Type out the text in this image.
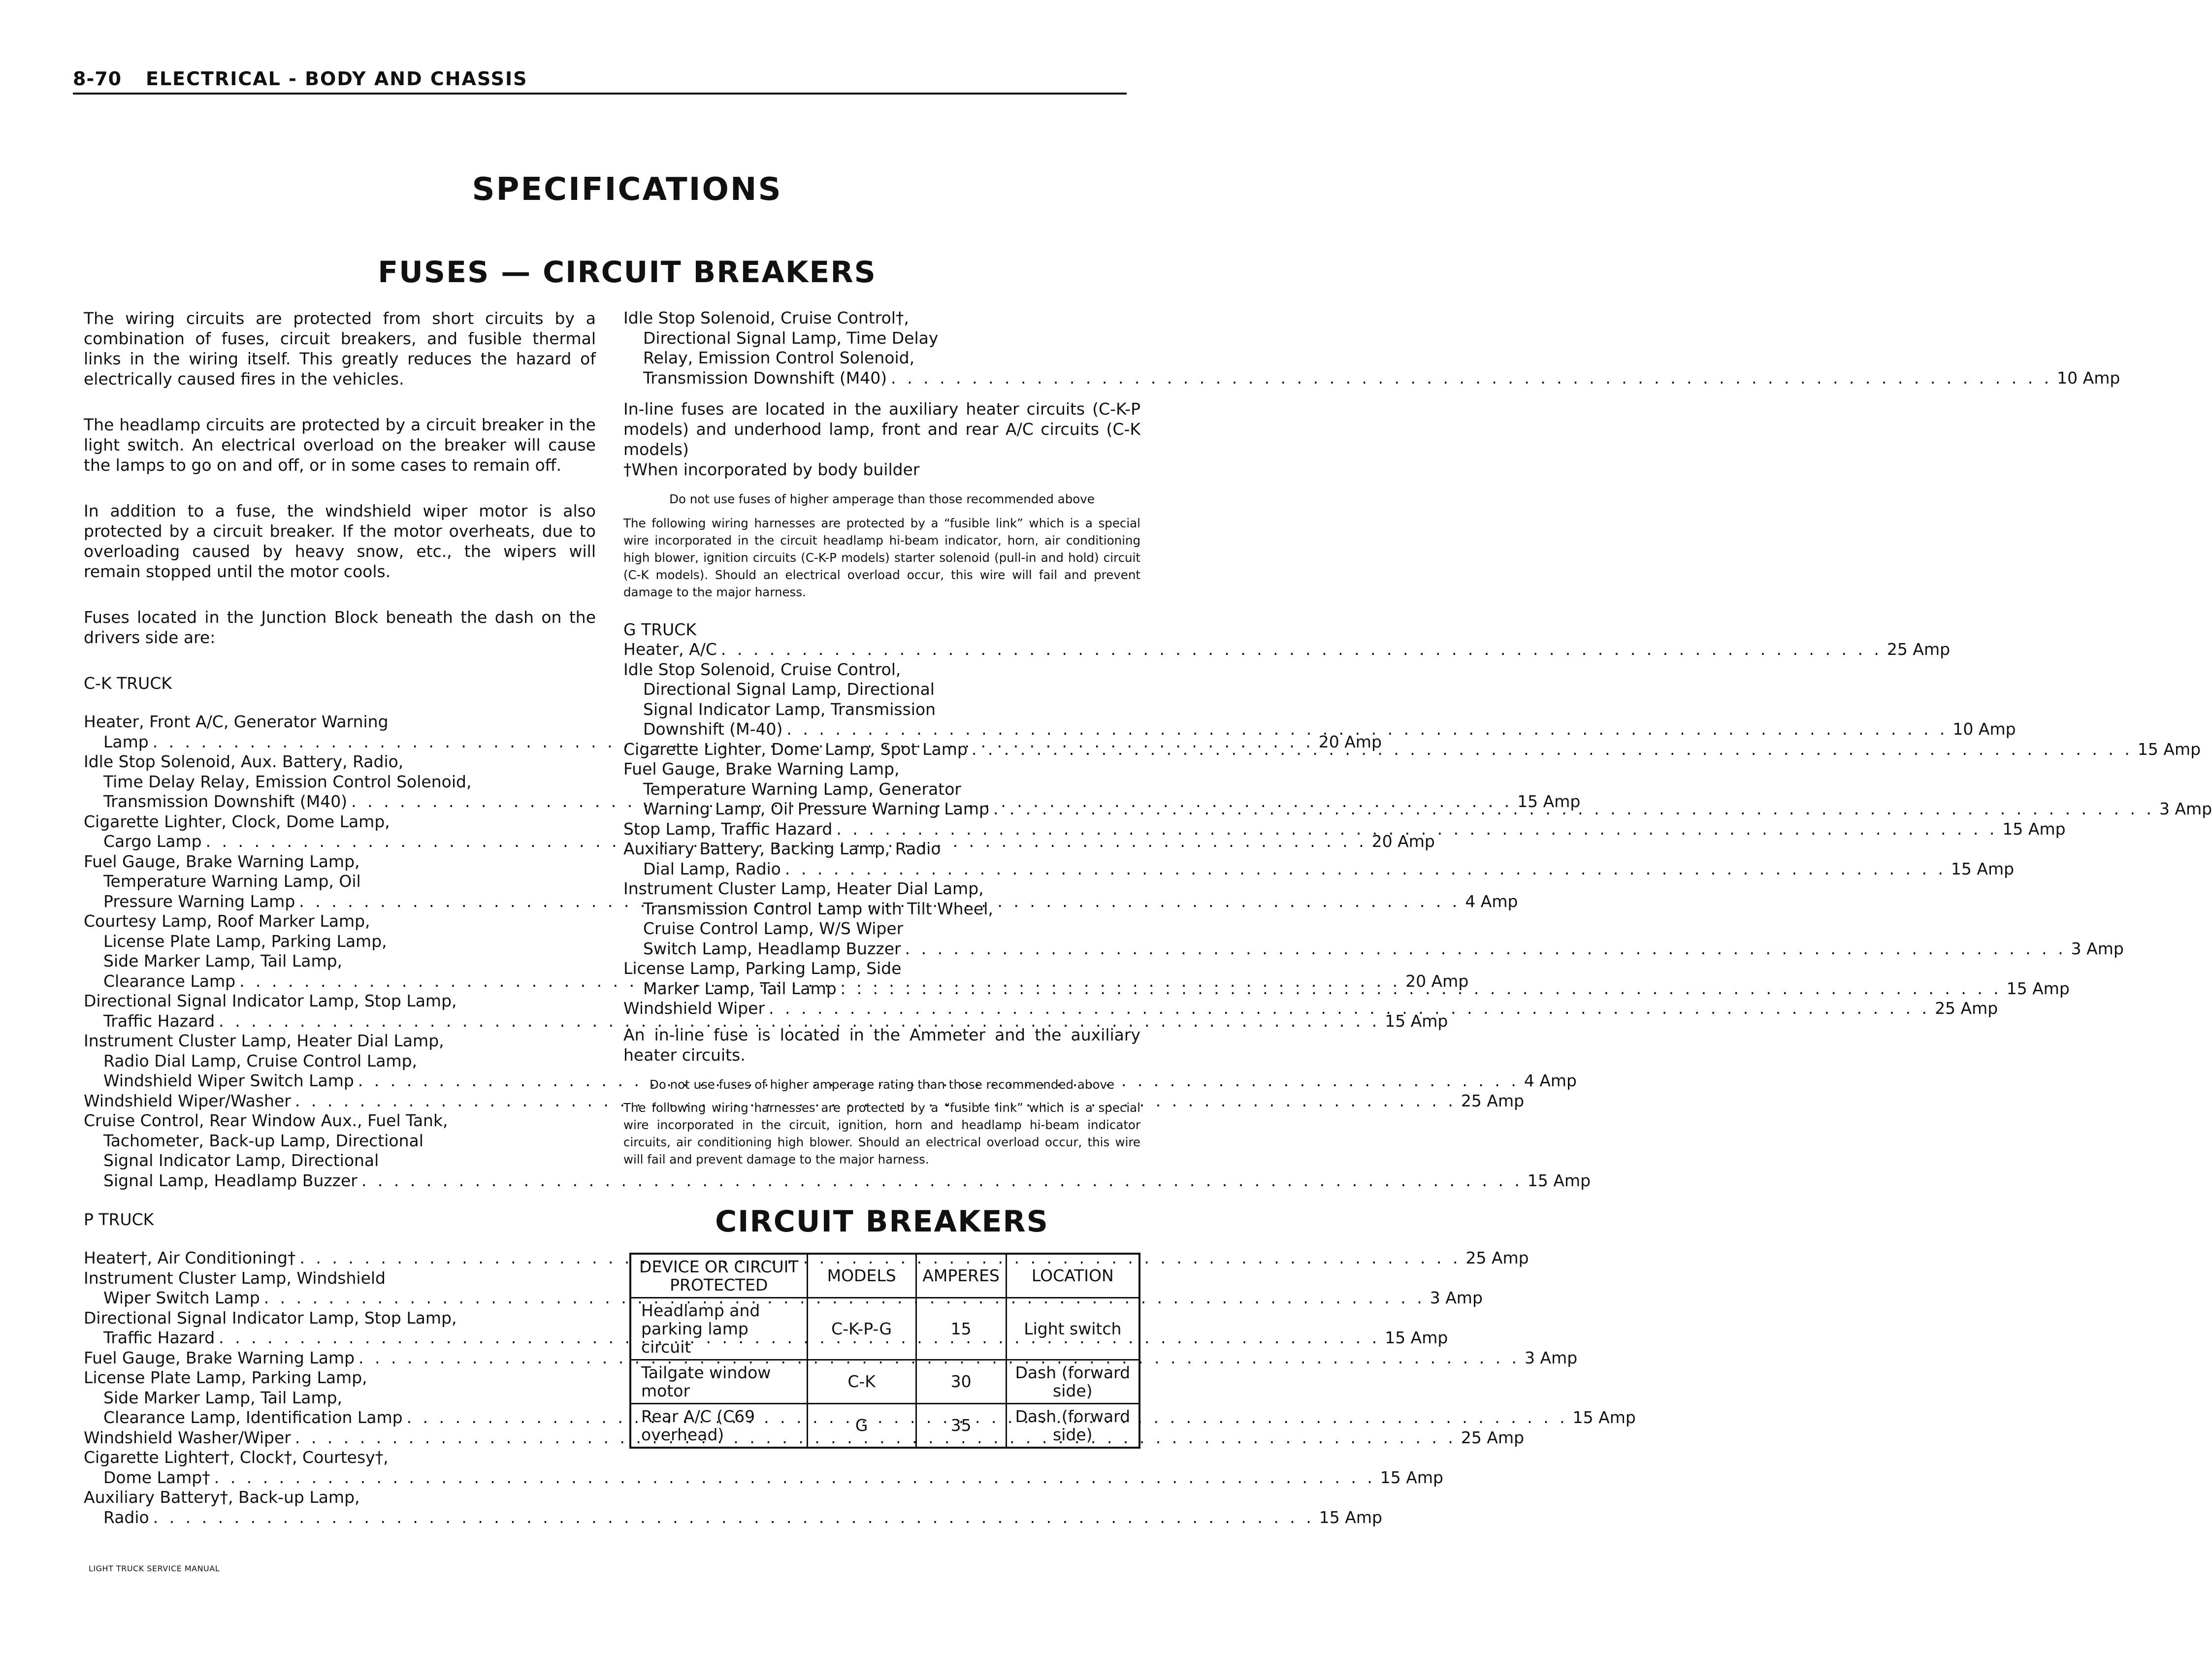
8-70 ELECTRICAL - BODY AND CHASSIS
SPECIFICATIONS
FUSES — CIRCUIT BREAKERS

The wiring circuits are protected from short circuits by a combination of fuses, circuit breakers, and fusible thermal links in the wiring itself. This greatly reduces the hazard of electrically caused fires in the vehicles.

The headlamp circuits are protected by a circuit breaker in the light switch. An electrical overload on the breaker will cause the lamps to go on and off, or in some cases to remain off.

In addition to a fuse, the windshield wiper motor is also protected by a circuit breaker. If the motor overheats, due to overloading caused by heavy snow, etc., the wipers will remain stopped until the motor cools.

Fuses located in the Junction Block beneath the dash on the drivers side are:

C-K TRUCK

Heater, Front A/C, Generator Warning
Lamp . . .	20 Amp
Idle Stop Solenoid, Aux. Battery, Radio,
Time Delay Relay, Emission Control Solenoid,
Transmission Downshift (M40) . . .	15 Amp
Cigarette Lighter, Clock, Dome Lamp,
Cargo Lamp . . .	20 Amp
Fuel Gauge, Brake Warning Lamp,
Temperature Warning Lamp, Oil
Pressure Warning Lamp . . .	4 Amp
Courtesy Lamp, Roof Marker Lamp,
License Plate Lamp, Parking Lamp,
Side Marker Lamp, Tail Lamp,
Clearance Lamp . . .	20 Amp
Directional Signal Indicator Lamp, Stop Lamp,
Traffic Hazard . . .	15 Amp
Instrument Cluster Lamp, Heater Dial Lamp,
Radio Dial Lamp, Cruise Control Lamp,
Windshield Wiper Switch Lamp . . .	4 Amp
Windshield Wiper/Washer . . .	25 Amp
Cruise Control, Rear Window Aux., Fuel Tank,
Tachometer, Back-up Lamp, Directional
Signal Indicator Lamp, Directional
Signal Lamp, Headlamp Buzzer . . .	15 Amp

P TRUCK

Heater†, Air Conditioning† . . .	25 Amp
Instrument Cluster Lamp, Windshield
Wiper Switch Lamp . . .	3 Amp
Directional Signal Indicator Lamp, Stop Lamp,
Traffic Hazard . . .	15 Amp
Fuel Gauge, Brake Warning Lamp . . .	3 Amp
License Plate Lamp, Parking Lamp,
Side Marker Lamp, Tail Lamp,
Clearance Lamp, Identification Lamp . . .	15 Amp
Windshield Washer/Wiper . . .	25 Amp
Cigarette Lighter†, Clock†, Courtesy†,
Dome Lamp† . . .	15 Amp
Auxiliary Battery†, Back-up Lamp,
Radio . . .	15 Amp
Idle Stop Solenoid, Cruise Control†,
Directional Signal Lamp, Time Delay
Relay, Emission Control Solenoid,
Transmission Downshift (M40) . . .	10 Amp

In-line fuses are located in the auxiliary heater circuits (C-K-P models) and underhood lamp, front and rear A/C circuits (C-K models)

†When incorporated by body builder

Do not use fuses of higher amperage than those recommended above

The following wiring harnesses are protected by a “fusible link” which is a special wire incorporated in the circuit headlamp hi-beam indicator, horn, air conditioning high blower, ignition circuits (C-K-P models) starter solenoid (pull-in and hold) circuit (C-K models). Should an electrical overload occur, this wire will fail and prevent damage to the major harness.

G TRUCK

Heater, A/C . . .	25 Amp
Idle Stop Solenoid, Cruise Control,
Directional Signal Lamp, Directional
Signal Indicator Lamp, Transmission
Downshift (M-40) . . .	10 Amp
Cigarette Lighter, Dome Lamp, Spot Lamp . . .	15 Amp
Fuel Gauge, Brake Warning Lamp,
Temperature Warning Lamp, Generator
Warning Lamp, Oil Pressure Warning Lamp . . .	3 Amp
Stop Lamp, Traffic Hazard . . .	15 Amp
Auxiliary Battery, Backing Lamp, Radio
Dial Lamp, Radio . . .	15 Amp
Instrument Cluster Lamp, Heater Dial Lamp,
Transmission Control Lamp with Tilt Wheel,
Cruise Control Lamp, W/S Wiper
Switch Lamp, Headlamp Buzzer . . .	3 Amp
License Lamp, Parking Lamp, Side
Marker Lamp, Tail Lamp . . .	15 Amp
Windshield Wiper . . .	25 Amp

An in-line fuse is located in the Ammeter and the auxiliary heater circuits.

Do not use fuses of higher amperage rating than those recommended above

The following wiring harnesses are protected by a “fusible link” which is a special wire incorporated in the circuit, ignition, horn and headlamp hi-beam indicator circuits, air conditioning high blower. Should an electrical overload occur, this wire will fail and prevent damage to the major harness.

CIRCUIT BREAKERS

DEVICE OR CIRCUIT PROTECTED	MODELS	AMPERES	LOCATION
Headlamp and parking lamp circuit	C-K-P-G	15	Light switch
Tailgate window motor	C-K	30	Dash (forward side)
Rear A/C (C69 overhead)	G	35	Dash (forward side)
LIGHT TRUCK SERVICE MANUAL
